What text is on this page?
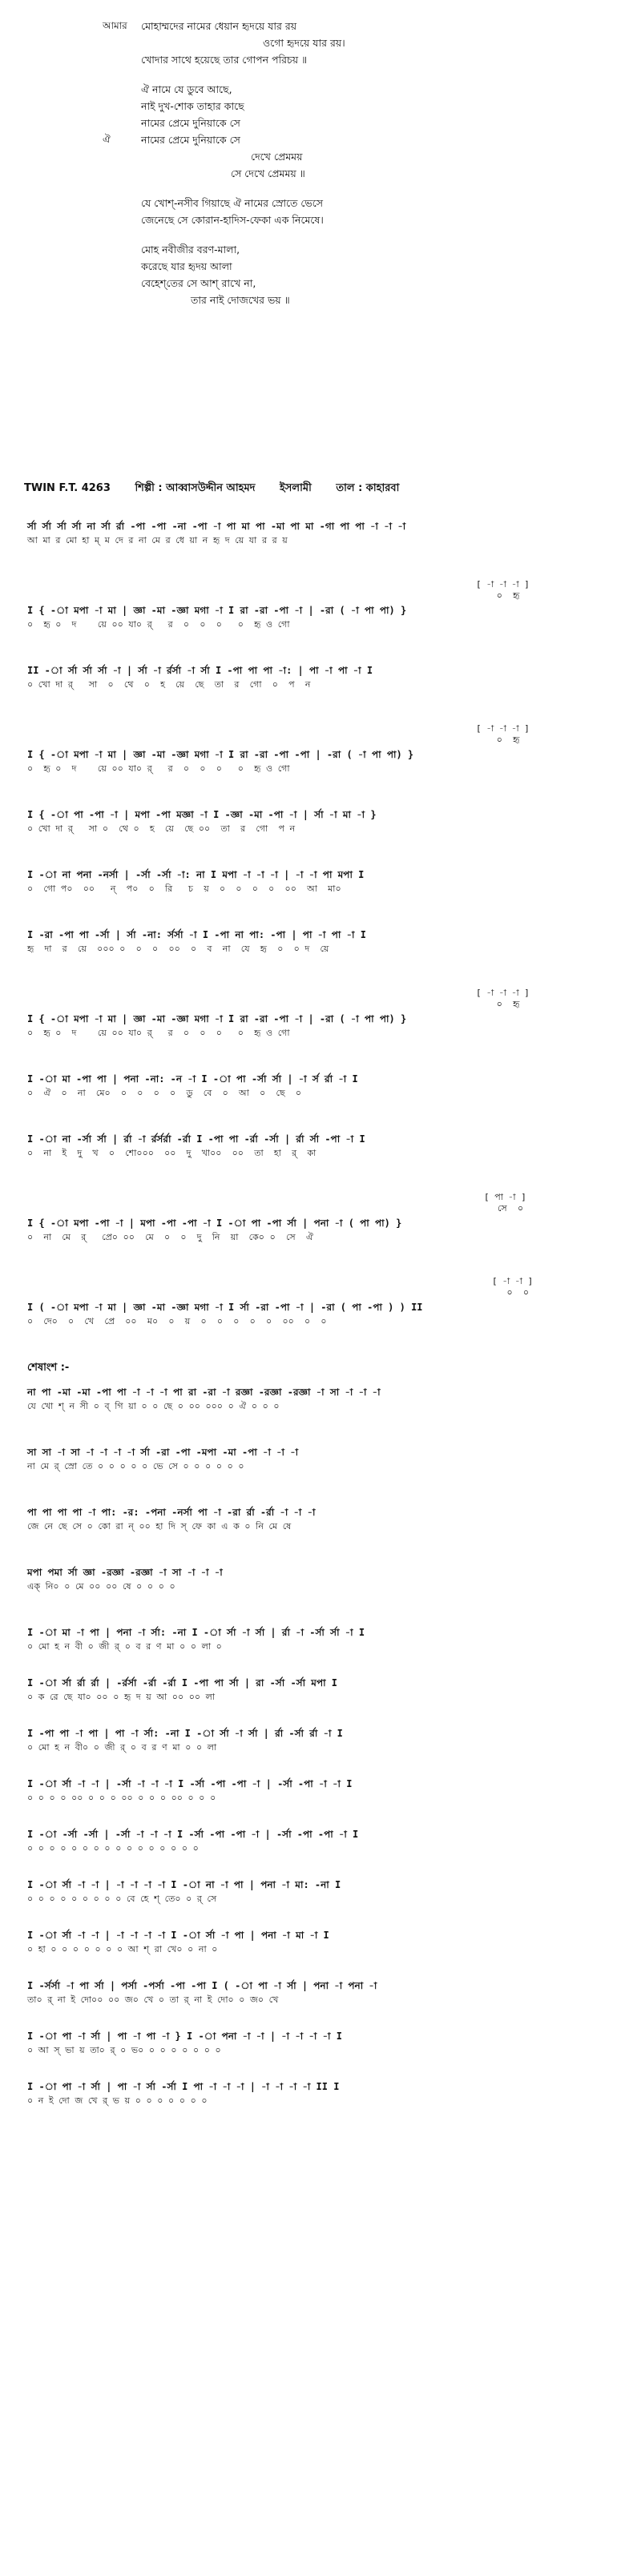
আমার	মোহাম্মদের নামের ধেয়ান হৃদয়ে যার রয়
ওগো হৃদয়ে যার রয়।
খোদার সাথে হয়েছে তার গোপন পরিচয় ॥
ঐ নামে যে ডুবে আছে,
নাই দুখ-শোক তাহার কাছে
নামের প্রেমে দুনিয়াকে সে
ঐ	নামের প্রেমে দুনিয়াকে সে
দেখে প্রেমময়
সে দেখে প্রেমময় ॥
যে খোশ্‌-নসীব গিয়াছে ঐ নামের স্রোতে ভেসে
জেনেছে সে কোরান-হাদিস-ফেকা এক নিমেষে।
মোহ নবীজীর বরণ-মালা,
করেছে যার হৃদয় আলা
বেহেশ্‌তের সে আশ্‌ রাখে না,
তার নাই দোজখের ভয় ॥
TWIN F.T. 4263 শিল্পী : আব্বাসউদ্দীন আহমদ ইসলামী তাল : কাহারবা
র্সা র্সা র্সা র্সা না র্সা র্রা -পা -পা -না -পা -া পা মা পা -মা পা মা -গা পা পা -া -া -া
আ মা র মো হা ম্ ম দে র না মে র ধে য়া ন হৃ দ য়ে যা র র য়
[ -া -া -া ]
০  হৃ
I { -া মপা -া মা | জ্ঞা -মা -জ্ঞা মগা -া I রা -রা -পা -া | -রা ( -া পা পা) }
০  হৃ ০  দ    য়ে ০০ যা০ র্   র  ০  ০  ০   ০  হৃ ও গো
II -া র্সা র্সা র্সা -া | র্সা -া র্রর্সা -া র্সা I -পা পা পা -া: | পা -া পা -া I
০ খো দা র্   সা  ০  থে  ০  হ  য়ে  ছে  তা  র  গো  ০  প  ন
[ -া -া -া ]
০  হৃ
I { -া মপা -া মা | জ্ঞা -মা -জ্ঞা মগা -া I রা -রা -পা -পা | -রা ( -া পা পা) }
০  হৃ ০  দ    য়ে ০০ যা০ র্   র  ০  ০  ০   ০  হৃ ও গো
I { -া পা -পা -া | মপা -পা মজ্ঞা -া I -জ্ঞা -মা -পা -া | র্সা -া মা -া }
০ খো দা র্   সা ০  থে ০  হ  য়ে  ছে ০০  তা  র  গো  প ন
I -া না পনা -নর্সা | -র্সা -র্সা -া: না I মপা -া -া -া | -া -া পা মপা I
০  গো প০  ০০   ন্  প০  ০  রি   চ  য়  ০  ০  ০  ০  ০০  আ  মা০
I -রা -পা পা -র্সা | র্সা -না: র্সর্সা -া I -পা না পা: -পা | পা -া পা -া I
হৃ  দা  র  য়ে  ০০০ ০  ০  ০  ০০  ০  ব  না  যে  হৃ  ০  ০ দ  য়ে
[ -া -া -া ]
০  হৃ
I { -া মপা -া মা | জ্ঞা -মা -জ্ঞা মগা -া I রা -রা -পা -া | -রা ( -া পা পা) }
০  হৃ ০  দ    য়ে ০০ যা০ র্   র  ০  ০  ০   ০  হৃ ও গো
I -া মা -পা পা | পনা -না: -ন -া I -া পা -র্সা র্সা | -া র্স র্রা -া I
০  ঐ  ০  না  মে০  ০  ০  ০  ০  ডু  বে  ০  আ  ০  ছে  ০
I -া না -র্সা র্সা | র্রা -া র্রর্সর্রা -র্রা I -পা পা -র্রা -র্সা | র্রা র্সা -পা -া I
০  না  ই  দু  খ  ০  শো০০০  ০০  দু  খা০০  ০০  তা  হা  র্  কা
[ পা -া ]
সে  ০
I { -া মপা -পা -া | মপা -পা -পা -া I -া পা -পা র্সা | পনা -া ( পা পা) }
০  না  মে  র্   প্রে০ ০০  মে  ০  ০  দু  নি  য়া  কে০ ০  সে  ঐ
[ -া -া ]
০  ০
I ( -া মপা -া মা | জ্ঞা -মা -জ্ঞা মগা -া I র্সা -রা -পা -া | -রা ( পা -পা ) ) II
০  দে০  ০  খে  প্রে  ০০  ম০  ০  য়  ০  ০  ০  ০  ০  ০০  ০  ০
শেষাংশ :-
না পা -মা -মা -পা পা -া -া -া পা রা -রা -া রজ্ঞা -রজ্ঞা -রজ্ঞা -া সা -া -া -া
যে খো শ্‌ ন সী ০ ব্‌ গি য়া ০ ০ ছে ০ ০০ ০০০ ০ ঐ ০ ০ ০
সা সা -া সা -া -া -া -া র্সা -রা -পা -মপা -মা -পা -া -া -া
না মে র্‌ স্রো তে ০ ০ ০ ০ ০ ভে সে ০ ০ ০ ০ ০ ০
পা পা পা পা -া পা: -র: -পনা -নর্সা পা -া -রা র্রা -র্রা -া -া -া
জে নে ছে সে ০ কো রা ন্‌ ০০ হা দি স্‌ ফে কা এ ক ০ নি মে ষে
মপা পমা র্সা জ্ঞা -রজ্ঞা -রজ্ঞা -া সা -া -া -া
এক্‌ নি০ ০ মে ০০ ০০ ষে ০ ০ ০ ০
I -া মা -া পা | পনা -া র্সা: -না I -া র্সা -া র্সা | র্রা -া -র্সা র্সা -া I
০ মো হ ন বী ০ জী র্‌ ০ ব র ণ মা ০ ০ লা ০
I -া র্সা র্রা র্রা | -র্রর্সা -র্রা -র্রা I -পা পা র্সা | রা -র্সা -র্সা মপা I
০ ক রে ছে যা০ ০০ ০ হৃ দ য় আ ০০ ০০ লা
I -পা পা -া পা | পা -া র্সা: -না I -া র্সা -া র্সা | র্রা -র্সা র্রা -া I
০ মো হ ন বী০ ০ জী র্‌ ০ ব র ণ মা ০ ০ লা
I -া র্সা -া -া | -র্সা -া -া -া I -র্সা -পা -পা -া | -র্সা -পা -া -া I
০ ০ ০ ০ ০০ ০ ০ ০ ০০ ০ ০ ০ ০০ ০ ০ ০
I -া -র্সা -র্সা | -র্সা -া -া -া I -র্সা -পা -পা -া | -র্সা -পা -পা -া I
০ ০ ০ ০ ০ ০ ০ ০ ০ ০ ০ ০ ০ ০ ০ ০
I -া র্সা -া -া | -া -া -া -া I -া না -া পা | পনা -া মা: -না I
০ ০ ০ ০ ০ ০ ০ ০ ০ বে হে শ্‌ তে০ ০ র্‌ সে
I -া র্সা -া -া | -া -া -া -া I -া র্সা -া পা | পনা -া মা -া I
০ হা ০ ০ ০ ০ ০ ০ ০ আ শ্‌ রা খে০ ০ না ০
I -র্সর্সা -া পা র্সা | পর্সা -পর্সা -পা -পা I ( -া পা -া র্সা | পনা -া পনা -া
তা০ র্‌ না ই দো০০ ০০ জ০ খে ০ তা র্‌ না ই দো০ ০ জ০ খে
I -া পা -া র্সা | পা -া পা -া } I -া পনা -া -া | -া -া -া -া I
০ আ স্‌ ভা য় তা০ র্‌ ০ ভ০ ০ ০ ০ ০ ০ ০ ০
I -া পা -া র্সা | পা -া র্সা -র্সা I পা -া -া -া | -া -া -া -া II I
০ ন ই দো জ খে র্‌ ভ য় ০ ০ ০ ০ ০ ০ ০
